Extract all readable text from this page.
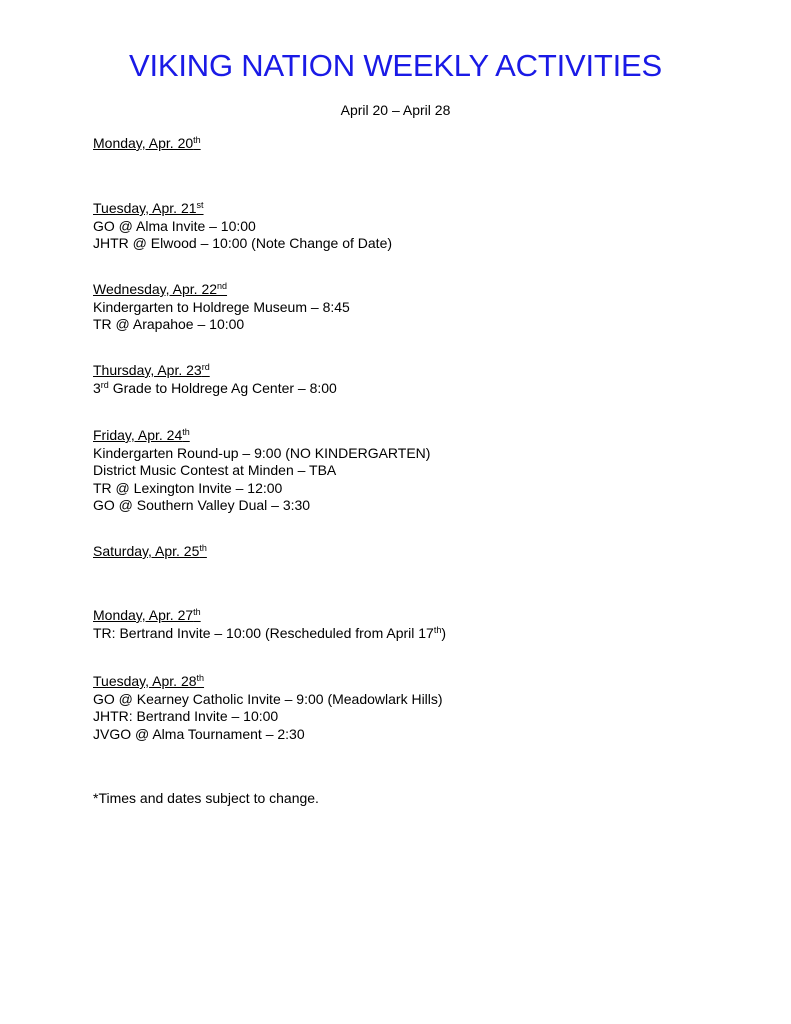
VIKING NATION WEEKLY ACTIVITIES
April 20 – April 28
Monday, Apr. 20th
Tuesday, Apr. 21st
GO @ Alma Invite – 10:00
JHTR @ Elwood – 10:00 (Note Change of Date)
Wednesday, Apr. 22nd
Kindergarten to Holdrege Museum – 8:45
TR @ Arapahoe – 10:00
Thursday, Apr. 23rd
3rd Grade to Holdrege Ag Center – 8:00
Friday, Apr. 24th
Kindergarten Round-up – 9:00 (NO KINDERGARTEN)
District Music Contest at Minden – TBA
TR @ Lexington Invite – 12:00
GO @ Southern Valley Dual – 3:30
Saturday, Apr. 25th
Monday, Apr. 27th
TR: Bertrand Invite – 10:00 (Rescheduled from April 17th)
Tuesday, Apr. 28th
GO @ Kearney Catholic Invite – 9:00 (Meadowlark Hills)
JHTR: Bertrand Invite – 10:00
JVGO @ Alma Tournament – 2:30
*Times and dates subject to change.
